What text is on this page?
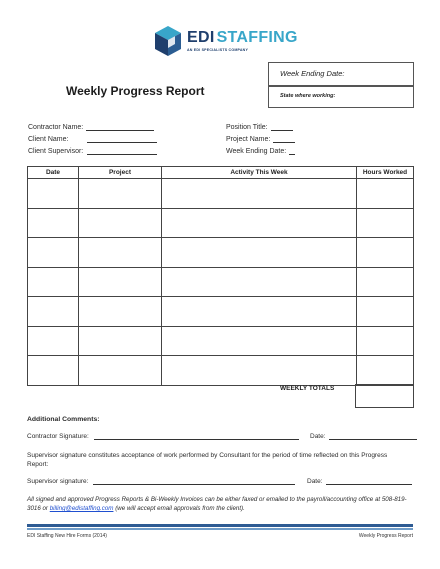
EDI STAFFING
AN EDI SPECIALISTS COMPANY
Week Ending Date:
State where working:
Weekly Progress Report
Contractor Name:
Client Name:
Client Supervisor:
Position Title:
Project Name:
Week Ending Date:
Date	Project	Activity This Week	Hours Worked

WEEKLY TOTALS
Additional Comments:
Contractor Signature:	Date:
Supervisor signature constitutes acceptance of work performed by Consultant for the period of time reflected on this Progress Report:
Supervisor signature:	Date:
All signed and approved Progress Reports & Bi-Weekly Invoices can be either faxed or emailed to the payroll/accounting office at 508-819-3016 or billing@edistaffing.com (we will accept email approvals from the client).
EDI Staffing New Hire Forms (2014)	Weekly Progress Report
